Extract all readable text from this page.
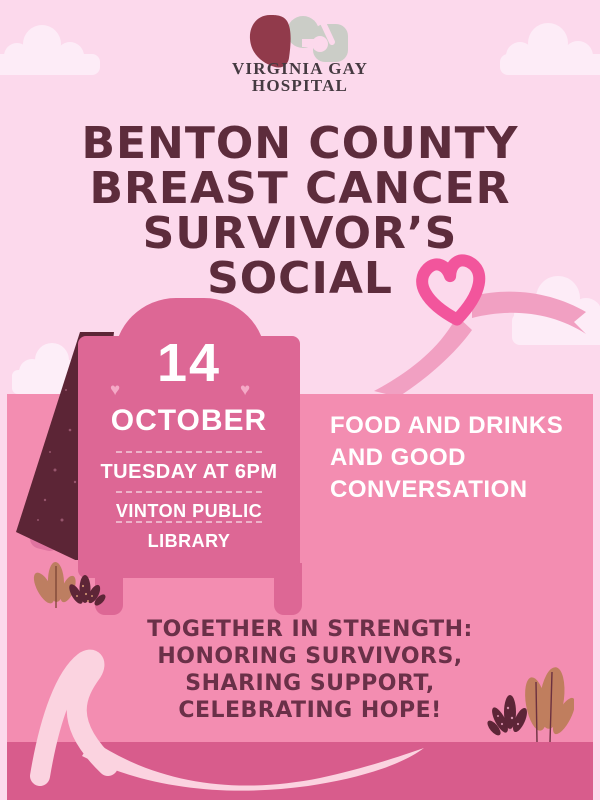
VIRGINIA GAY
HOSPITAL
BENTON COUNTY
BREAST CANCER
SURVIVOR’S
SOCIAL
14
♥	♥
OCTOBER
TUESDAY AT 6PM
VINTON PUBLIC
LIBRARY
FOOD AND DRINKS
AND GOOD
CONVERSATION
TOGETHER IN STRENGTH:
HONORING SURVIVORS,
SHARING SUPPORT,
CELEBRATING HOPE!
